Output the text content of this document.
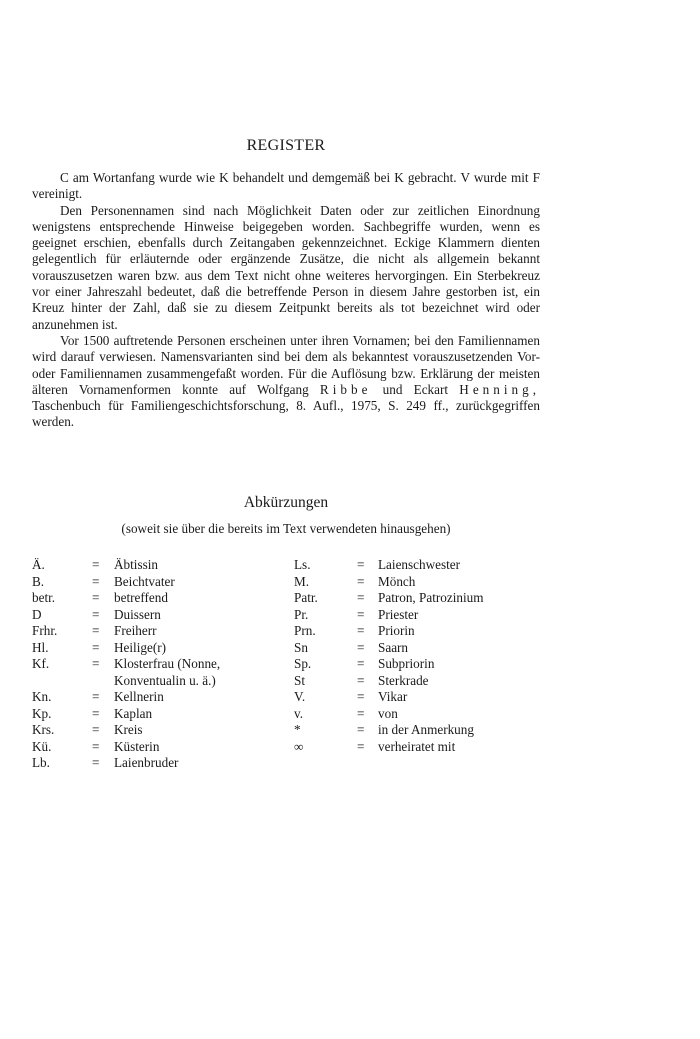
REGISTER

C am Wortanfang wurde wie K behandelt und demgemäß bei K gebracht. V wurde mit F vereinigt.

Den Personennamen sind nach Möglichkeit Daten oder zur zeitlichen Einordnung wenigstens entsprechende Hinweise beigegeben worden. Sachbegriffe wurden, wenn es geeignet erschien, ebenfalls durch Zeitangaben gekennzeichnet. Eckige Klammern dienten gelegentlich für erläuternde oder ergänzende Zusätze, die nicht als allgemein bekannt vorauszusetzen waren bzw. aus dem Text nicht ohne weiteres hervorgingen. Ein Sterbekreuz vor einer Jahreszahl bedeutet, daß die betreffende Person in diesem Jahre gestorben ist, ein Kreuz hinter der Zahl, daß sie zu diesem Zeitpunkt bereits als tot bezeichnet wird oder anzunehmen ist.

Vor 1500 auftretende Personen erscheinen unter ihren Vornamen; bei den Familiennamen wird darauf verwiesen. Namensvarianten sind bei dem als bekanntest vorauszusetzenden Vor- oder Familiennamen zusammengefaßt worden. Für die Auflösung bzw. Erklärung der meisten älteren Vornamenformen konnte auf Wolfgang Ribbe und Eckart Henning, Taschenbuch für Familiengeschichtsforschung, 8. Aufl., 1975, S. 249 ff., zurückgegriffen werden.

Abkürzungen
(soweit sie über die bereits im Text verwendeten hinausgehen)
Ä.	= Äbtissin	Ls.	= Laienschwester
B.	= Beichtvater	M.	= Mönch
betr.	= betreffend	Patr.	= Patron, Patrozinium
D	= Duissern	Pr.	= Priester
Frhr.	= Freiherr	Prn.	= Priorin
Hl.	= Heilige(r)	Sn	= Saarn
Kf.	= Klosterfrau (Nonne,	Sp.	= Subpriorin
Konventualin u. ä.)	St	= Sterkrade
Kn.	= Kellnerin	V.	= Vikar
Kp.	= Kaplan	v.	= von
Krs.	= Kreis	*	= in der Anmerkung
Kü.	= Küsterin	∞	= verheiratet mit
Lb.	= Laienbruder
